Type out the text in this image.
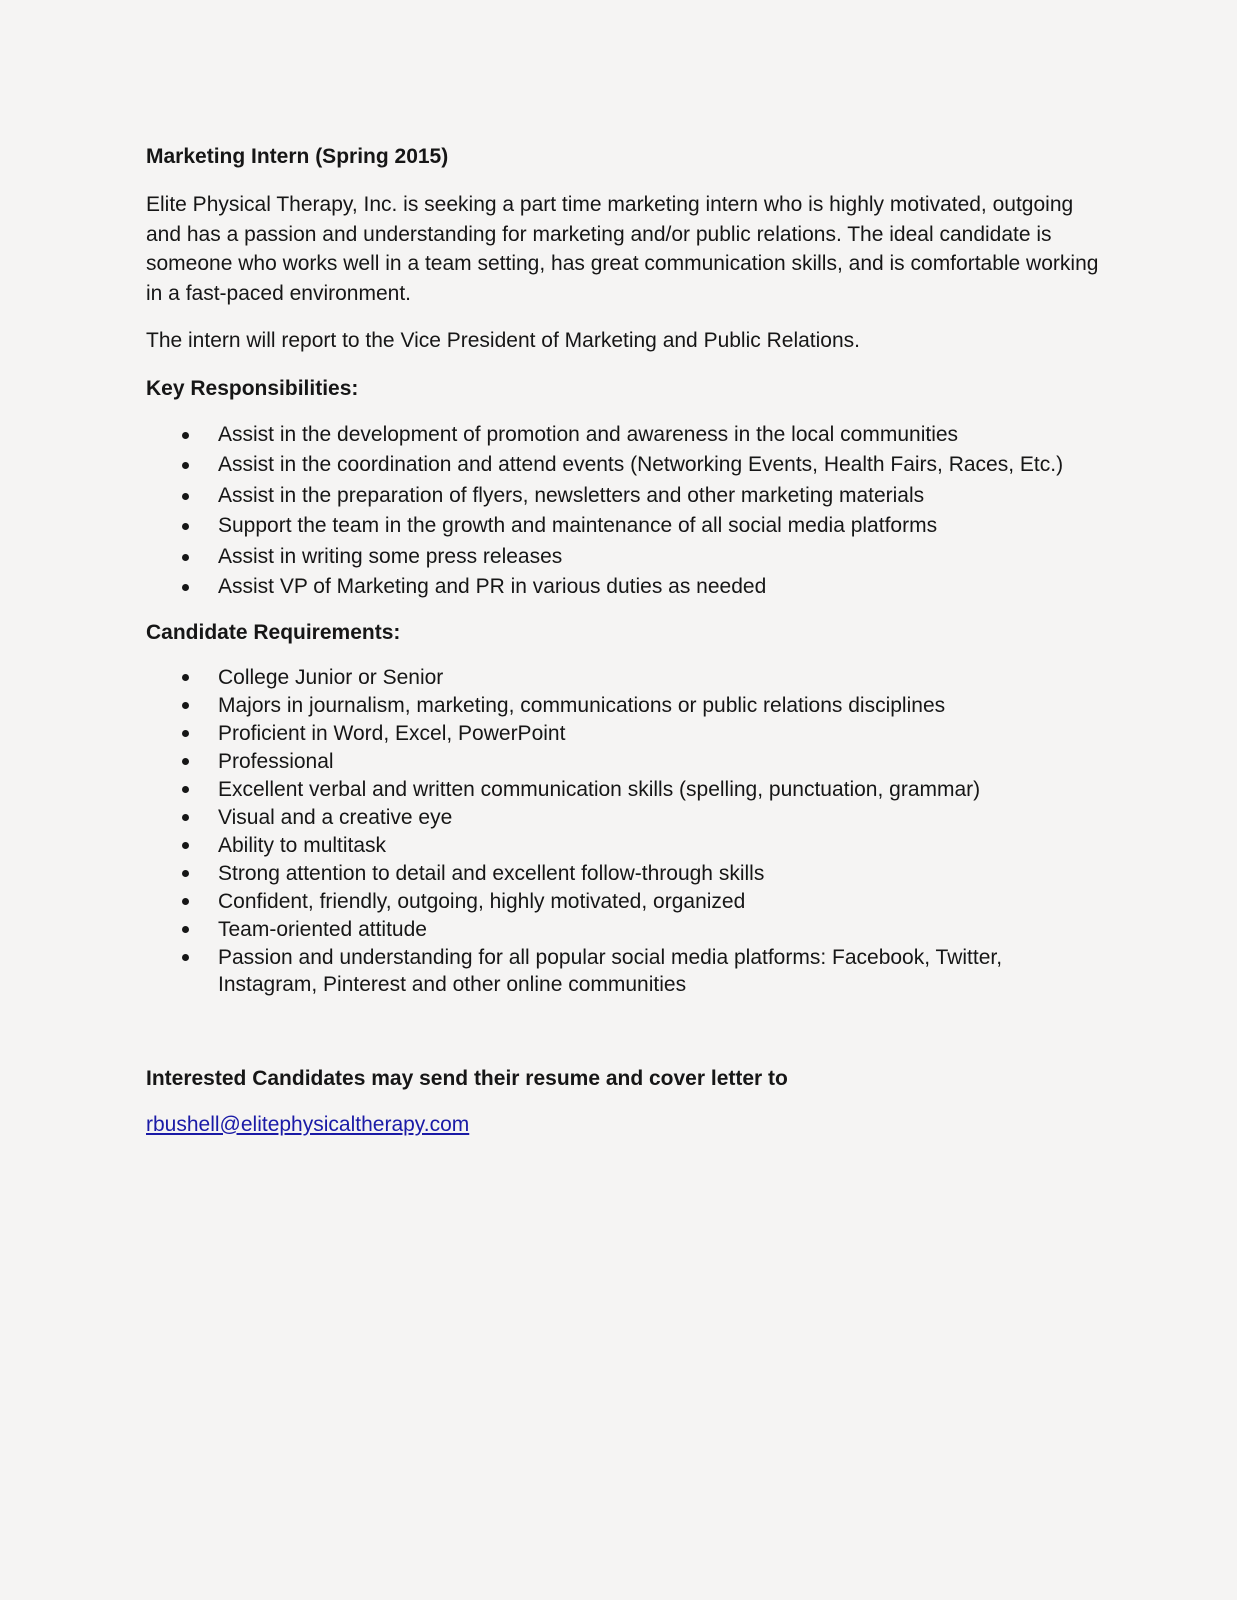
Marketing Intern (Spring 2015)

Elite Physical Therapy, Inc. is seeking a part time marketing intern who is highly motivated, outgoing and has a passion and understanding for marketing and/or public relations. The ideal candidate is someone who works well in a team setting, has great communication skills, and is comfortable working in a fast-paced environment.

The intern will report to the Vice President of Marketing and Public Relations.

Key Responsibilities:
Assist in the development of promotion and awareness in the local communities
Assist in the coordination and attend events (Networking Events, Health Fairs, Races, Etc.)
Assist in the preparation of flyers, newsletters and other marketing materials
Support the team in the growth and maintenance of all social media platforms
Assist in writing some press releases
Assist VP of Marketing and PR in various duties as needed
Candidate Requirements:
College Junior or Senior
Majors in journalism, marketing, communications or public relations disciplines
Proficient in Word, Excel, PowerPoint
Professional
Excellent verbal and written communication skills (spelling, punctuation, grammar)
Visual and a creative eye
Ability to multitask
Strong attention to detail and excellent follow-through skills
Confident, friendly, outgoing, highly motivated, organized
Team-oriented attitude
Passion and understanding for all popular social media platforms: Facebook, Twitter, Instagram, Pinterest and other online communities
Interested Candidates may send their resume and cover letter to
rbushell@elitephysicaltherapy.com
